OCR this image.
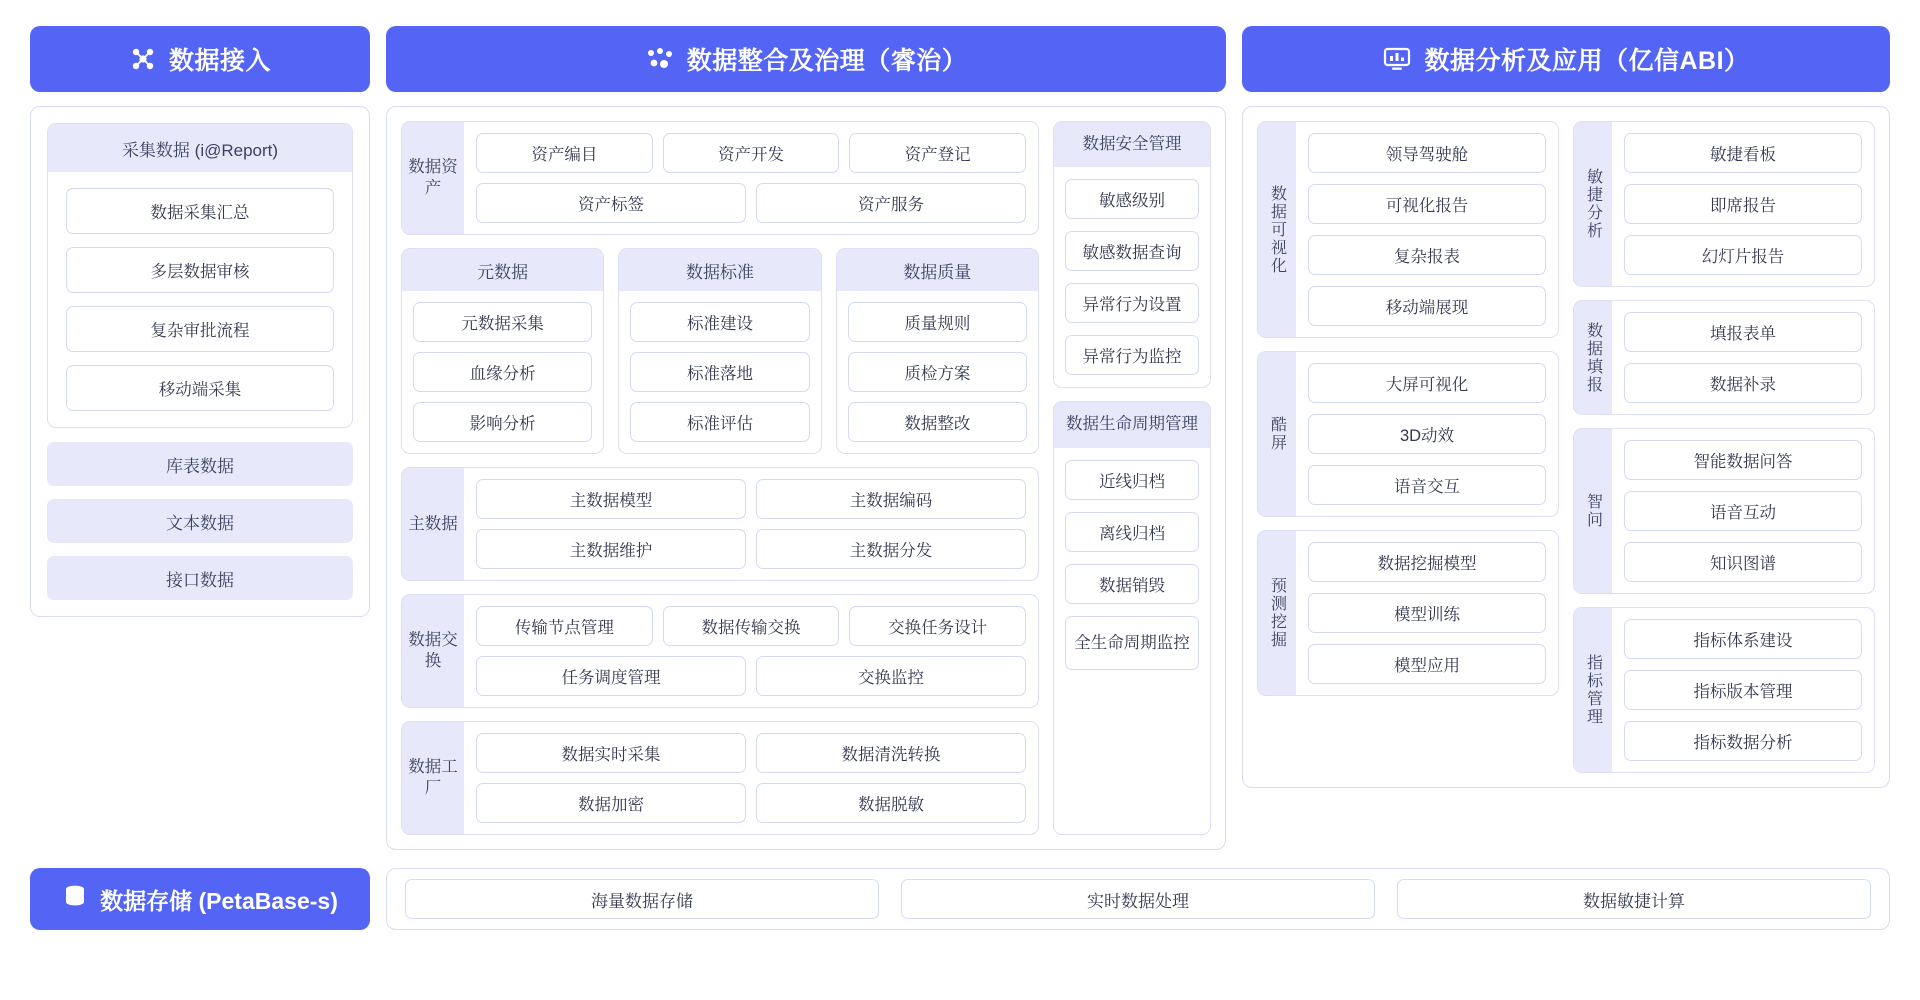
数据接入
采集数据 (i@Report)
数据采集汇总
多层数据审核
复杂审批流程
移动端采集
库表数据
文本数据
接口数据
数据整合及治理（睿治）
数据资产
资产编目	资产开发	资产登记
资产标签	资产服务
元数据
元数据采集
血缘分析
影响分析
数据标准
标准建设
标准落地
标准评估
数据质量
质量规则
质检方案
数据整改
主数据
主数据模型	主数据编码
主数据维护	主数据分发
数据交换
传输节点管理	数据传输交换	交换任务设计
任务调度管理	交换监控
数据工厂
数据实时采集	数据清洗转换
数据加密	数据脱敏
数据安全管理
敏感级别
敏感数据查询
异常行为设置
异常行为监控
数据生命周期管理
近线归档
离线归档
数据销毁
全生命周期监控
数据分析及应用（亿信ABI）
数据可视化
领导驾驶舱
可视化报告
复杂报表
移动端展现
酷屏
大屏可视化
3D动效
语音交互
预测挖掘
数据挖掘模型
模型训练
模型应用
敏捷分析
敏捷看板
即席报告
幻灯片报告
数据填报	填报表单
数据补录
智问
智能数据问答
语音互动
知识图谱
指标管理
指标体系建设
指标版本管理
指标数据分析
数据存储 (PetaBase-s)	海量数据存储	实时数据处理	数据敏捷计算
